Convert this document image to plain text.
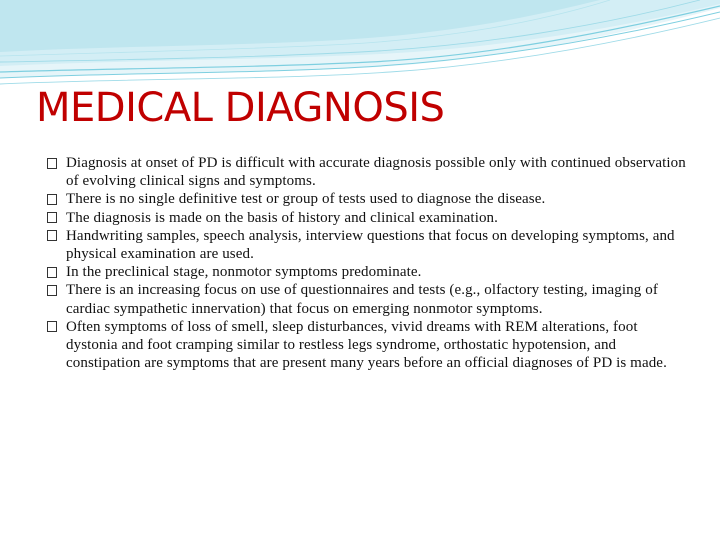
MEDICAL DIAGNOSIS
Diagnosis at onset of PD is difficult with accurate diagnosis possible only with continued observation of evolving clinical signs and symptoms.
There is no single definitive test or group of tests used to diagnose the disease.
The diagnosis is made on the basis of history and clinical examination.
Handwriting samples, speech analysis, interview questions that focus on developing symptoms, and physical examination are used.
In the preclinical stage, nonmotor symptoms predominate.
There is an increasing focus on use of questionnaires and tests (e.g., olfactory testing, imaging of cardiac sympathetic innervation) that focus on emerging nonmotor symptoms.
Often symptoms of loss of smell, sleep disturbances, vivid dreams with REM alterations, foot dystonia and foot cramping similar to restless legs syndrome, orthostatic hypotension, and constipation are symptoms that are present many years before an official diagnoses of PD is made.
